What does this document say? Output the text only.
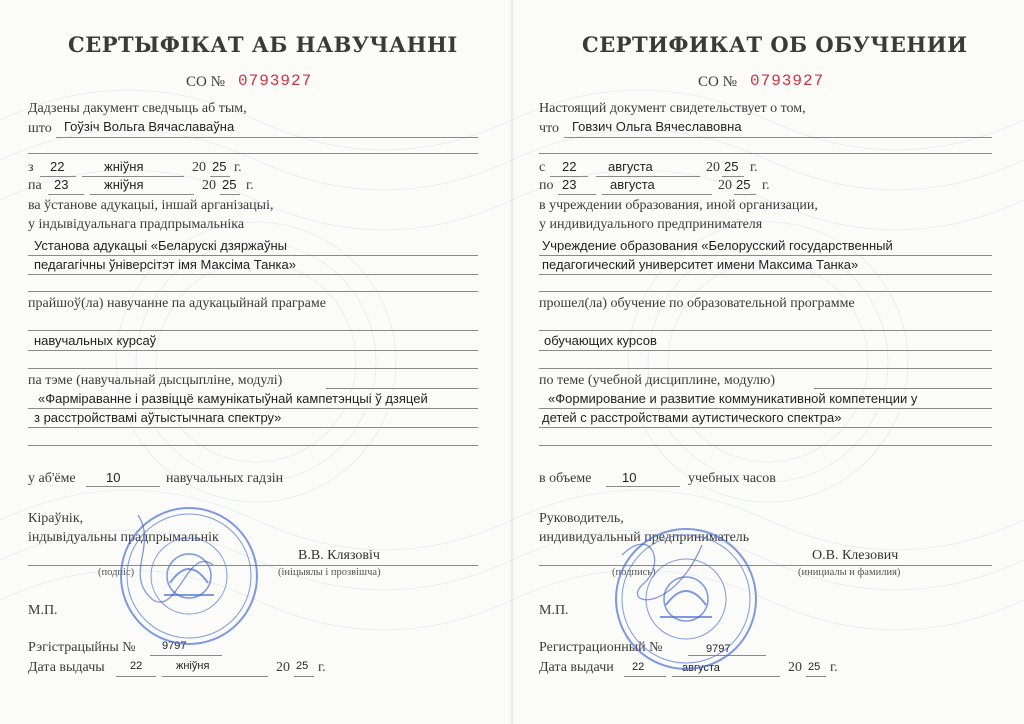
СЕРТЫФІКАТ АБ НАВУЧАННІ
СО № 0793927
Дадзены дакумент сведчыць аб тым,
што Гоўзіч Вольга Вячаславаўна
з 22	жніўня	20 25 г.
па 23	жніўня	20 25 г.
ва ўстанове адукацыі, іншай арганізацыі,
у індывідуальнага прадпрымальніка
Установа адукацыі «Беларускі дзяржаўны
педагагічны ўніверсітэт імя Максіма Танка»
прайшоў(ла) навучанне па адукацыйнай праграме
навучальных курсаў
па тэме (навучальнай дысцыпліне, модулі)
«Фарміраванне і развіццё камунікатыўнай кампетэнцыі ў дзяцей
з расстройствамі аўтыстычнага спектру»
у аб'ёме 10	навучальных гадзін
Кіраўнік,
індывідуальны прадпрымальнік
В.В. Клязовіч
(подпіс)	(ініцыялы і прозвішча)
М.П.
Рэгістрацыйны № 9797
Дата выдачы 22	жніўня	20 25 г.
СЕРТИФИКАТ ОБ ОБУЧЕНИИ
СО № 0793927
Настоящий документ свидетельствует о том,
что Говзич Ольга Вячеславовна
с 22 августа	20 25 г.
по 23	августа	20 25 г.
в учреждении образования, иной организации,
у индивидуального предпринимателя
Учреждение образования «Белорусский государственный
педагогический университет имени Максима Танка»
прошел(ла) обучение по образовательной программе
обучающих курсов
по теме (учебной дисциплине, модулю)
«Формирование и развитие коммуникативной компетенции у
детей с расстройствами аутистического спектра»
в объеме 10	учебных часов
Руководитель,
индивидуальный предприниматель
О.В. Клезович
(подпись)	(инициалы и фамилия)
М.П.
Регистрационный №	9797
Дата выдачи 22	августа	20 25 г.
